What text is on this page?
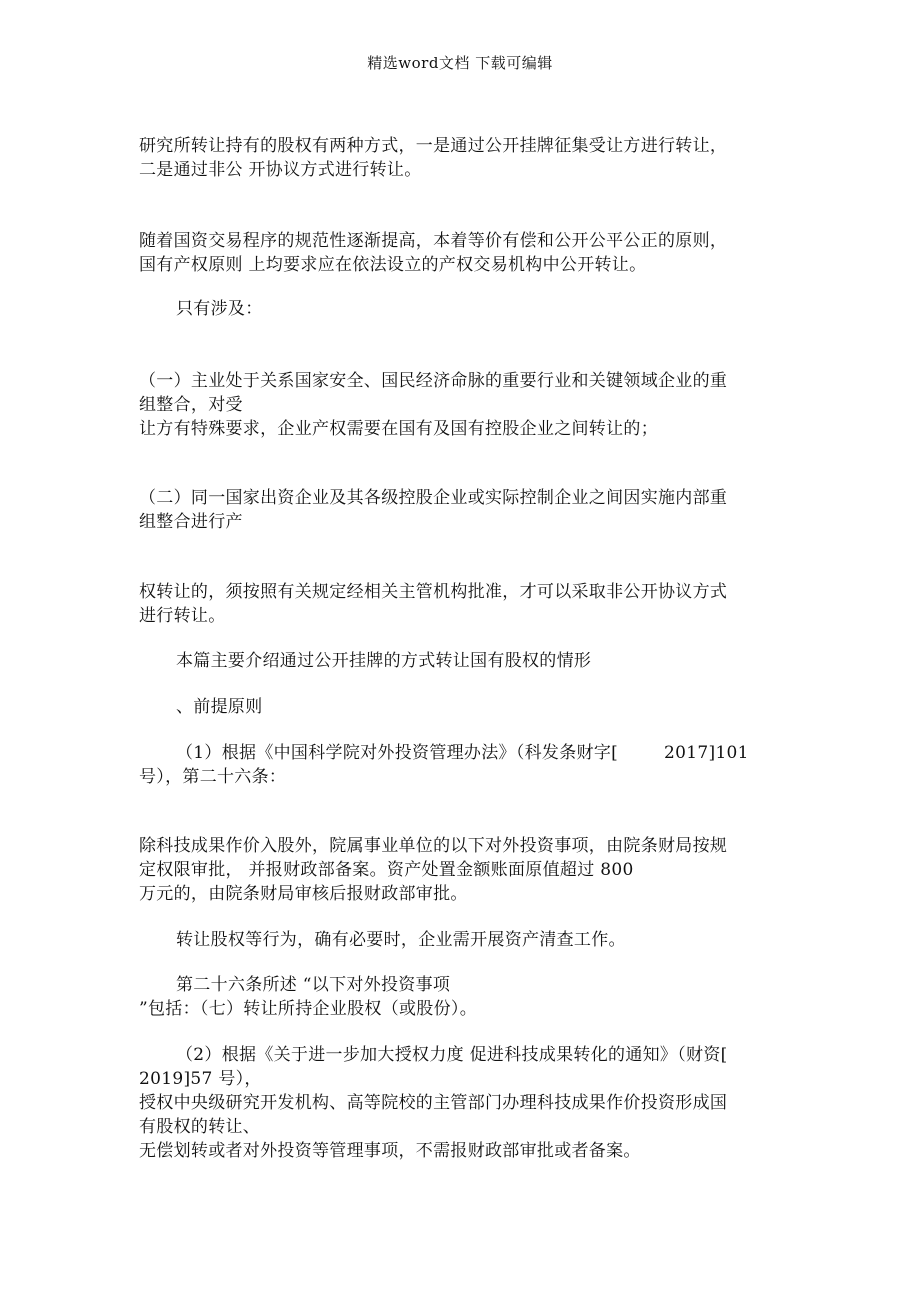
精选word文档 下载可编辑
研究所转让持有的股权有两种方式，一是通过公开挂牌征集受让方进行转让，
二是通过非公 开协议方式进行转让。
随着国资交易程序的规范性逐渐提高，本着等价有偿和公开公平公正的原则，
国有产权原则 上均要求应在依法设立的产权交易机构中公开转让。
只有涉及：
（一）主业处于关系国家安全、国民经济命脉的重要行业和关键领域企业的重
组整合，对受
让方有特殊要求，企业产权需要在国有及国有控股企业之间转让的；
（二）同一国家出资企业及其各级控股企业或实际控制企业之间因实施内部重
组整合进行产
权转让的，须按照有关规定经相关主管机构批准，才可以采取非公开协议方式
进行转让。
本篇主要介绍通过公开挂牌的方式转让国有股权的情形
、前提原则
（1）根据《中国科学院对外投资管理办法》（科发条财字[	2017]101
号），第二十六条：
除科技成果作价入股外，院属事业单位的以下对外投资事项，由院条财局按规
定权限审批， 并报财政部备案。资产处置金额账面原值超过 800
万元的，由院条财局审核后报财政部审批。
转让股权等行为，确有必要时，企业需开展资产清查工作。
第二十六条所述 “以下对外投资事项
”包括：（七）转让所持企业股权（或股份）。
（2）根据《关于进一步加大授权力度 促进科技成果转化的通知》（财资[
2019]57 号），
授权中央级研究开发机构、高等院校的主管部门办理科技成果作价投资形成国
有股权的转让、
无偿划转或者对外投资等管理事项，不需报财政部审批或者备案。
